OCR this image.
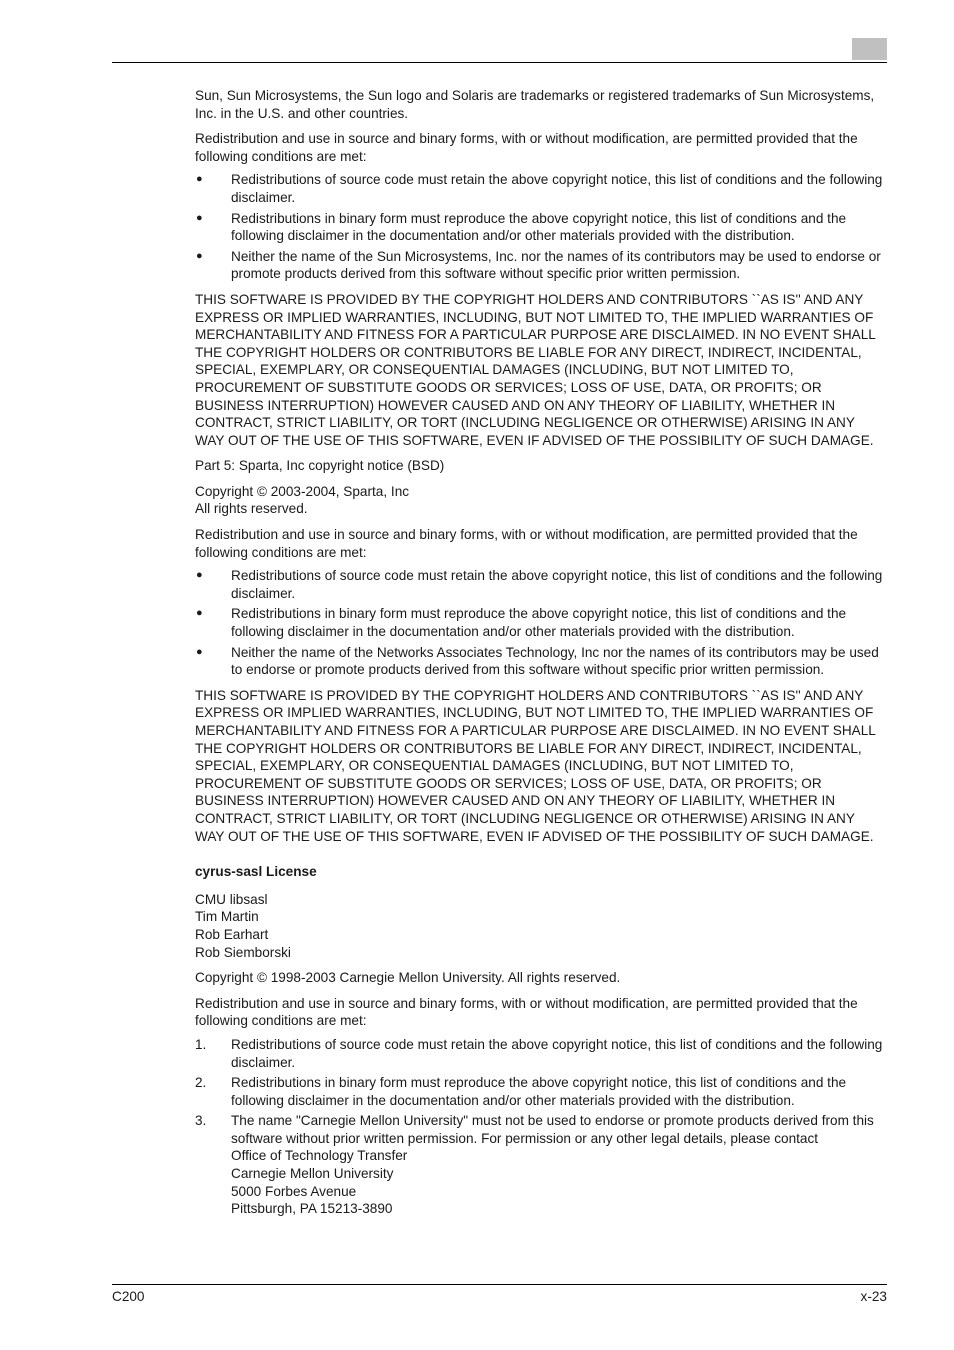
Sun, Sun Microsystems, the Sun logo and Solaris are trademarks or registered trademarks of Sun Microsystems, Inc. in the U.S. and other countries.

Redistribution and use in source and binary forms, with or without modification, are permitted provided that the following conditions are met:

● Redistributions of source code must retain the above copyright notice, this list of conditions and the following disclaimer.
● Redistributions in binary form must reproduce the above copyright notice, this list of conditions and the following disclaimer in the documentation and/or other materials provided with the distribution.
● Neither the name of the Sun Microsystems, Inc. nor the names of its contributors may be used to endorse or promote products derived from this software without specific prior written permission.

THIS SOFTWARE IS PROVIDED BY THE COPYRIGHT HOLDERS AND CONTRIBUTORS ``AS IS'' AND ANY EXPRESS OR IMPLIED WARRANTIES, INCLUDING, BUT NOT LIMITED TO, THE IMPLIED WARRANTIES OF MERCHANTABILITY AND FITNESS FOR A PARTICULAR PURPOSE ARE DISCLAIMED. IN NO EVENT SHALL THE COPYRIGHT HOLDERS OR CONTRIBUTORS BE LIABLE FOR ANY DIRECT, INDIRECT, INCIDENTAL, SPECIAL, EXEMPLARY, OR CONSEQUENTIAL DAMAGES (INCLUDING, BUT NOT LIMITED TO, PROCUREMENT OF SUBSTITUTE GOODS OR SERVICES; LOSS OF USE, DATA, OR PROFITS; OR BUSINESS INTERRUPTION) HOWEVER CAUSED AND ON ANY THEORY OF LIABILITY, WHETHER IN CONTRACT, STRICT LIABILITY, OR TORT (INCLUDING NEGLIGENCE OR OTHERWISE) ARISING IN ANY WAY OUT OF THE USE OF THIS SOFTWARE, EVEN IF ADVISED OF THE POSSIBILITY OF SUCH DAMAGE.

Part 5: Sparta, Inc copyright notice (BSD)

Copyright © 2003-2004, Sparta, Inc
All rights reserved.

Redistribution and use in source and binary forms, with or without modification, are permitted provided that the following conditions are met:

● Redistributions of source code must retain the above copyright notice, this list of conditions and the following disclaimer.
● Redistributions in binary form must reproduce the above copyright notice, this list of conditions and the following disclaimer in the documentation and/or other materials provided with the distribution.
● Neither the name of the Networks Associates Technology, Inc nor the names of its contributors may be used to endorse or promote products derived from this software without specific prior written permission.

THIS SOFTWARE IS PROVIDED BY THE COPYRIGHT HOLDERS AND CONTRIBUTORS ``AS IS'' AND ANY EXPRESS OR IMPLIED WARRANTIES, INCLUDING, BUT NOT LIMITED TO, THE IMPLIED WARRANTIES OF MERCHANTABILITY AND FITNESS FOR A PARTICULAR PURPOSE ARE DISCLAIMED. IN NO EVENT SHALL THE COPYRIGHT HOLDERS OR CONTRIBUTORS BE LIABLE FOR ANY DIRECT, INDIRECT, INCIDENTAL, SPECIAL, EXEMPLARY, OR CONSEQUENTIAL DAMAGES (INCLUDING, BUT NOT LIMITED TO, PROCUREMENT OF SUBSTITUTE GOODS OR SERVICES; LOSS OF USE, DATA, OR PROFITS; OR BUSINESS INTERRUPTION) HOWEVER CAUSED AND ON ANY THEORY OF LIABILITY, WHETHER IN CONTRACT, STRICT LIABILITY, OR TORT (INCLUDING NEGLIGENCE OR OTHERWISE) ARISING IN ANY WAY OUT OF THE USE OF THIS SOFTWARE, EVEN IF ADVISED OF THE POSSIBILITY OF SUCH DAMAGE.

cyrus-sasl License

CMU libsasl
Tim Martin
Rob Earhart
Rob Siemborski

Copyright © 1998-2003 Carnegie Mellon University. All rights reserved.

Redistribution and use in source and binary forms, with or without modification, are permitted provided that the following conditions are met:

1. Redistributions of source code must retain the above copyright notice, this list of conditions and the following disclaimer.
2. Redistributions in binary form must reproduce the above copyright notice, this list of conditions and the following disclaimer in the documentation and/or other materials provided with the distribution.
3. The name "Carnegie Mellon University" must not be used to endorse or promote products derived from this software without prior written permission. For permission or any other legal details, please contact
Office of Technology Transfer
Carnegie Mellon University
5000 Forbes Avenue
Pittsburgh, PA 15213-3890
C200	x-23
